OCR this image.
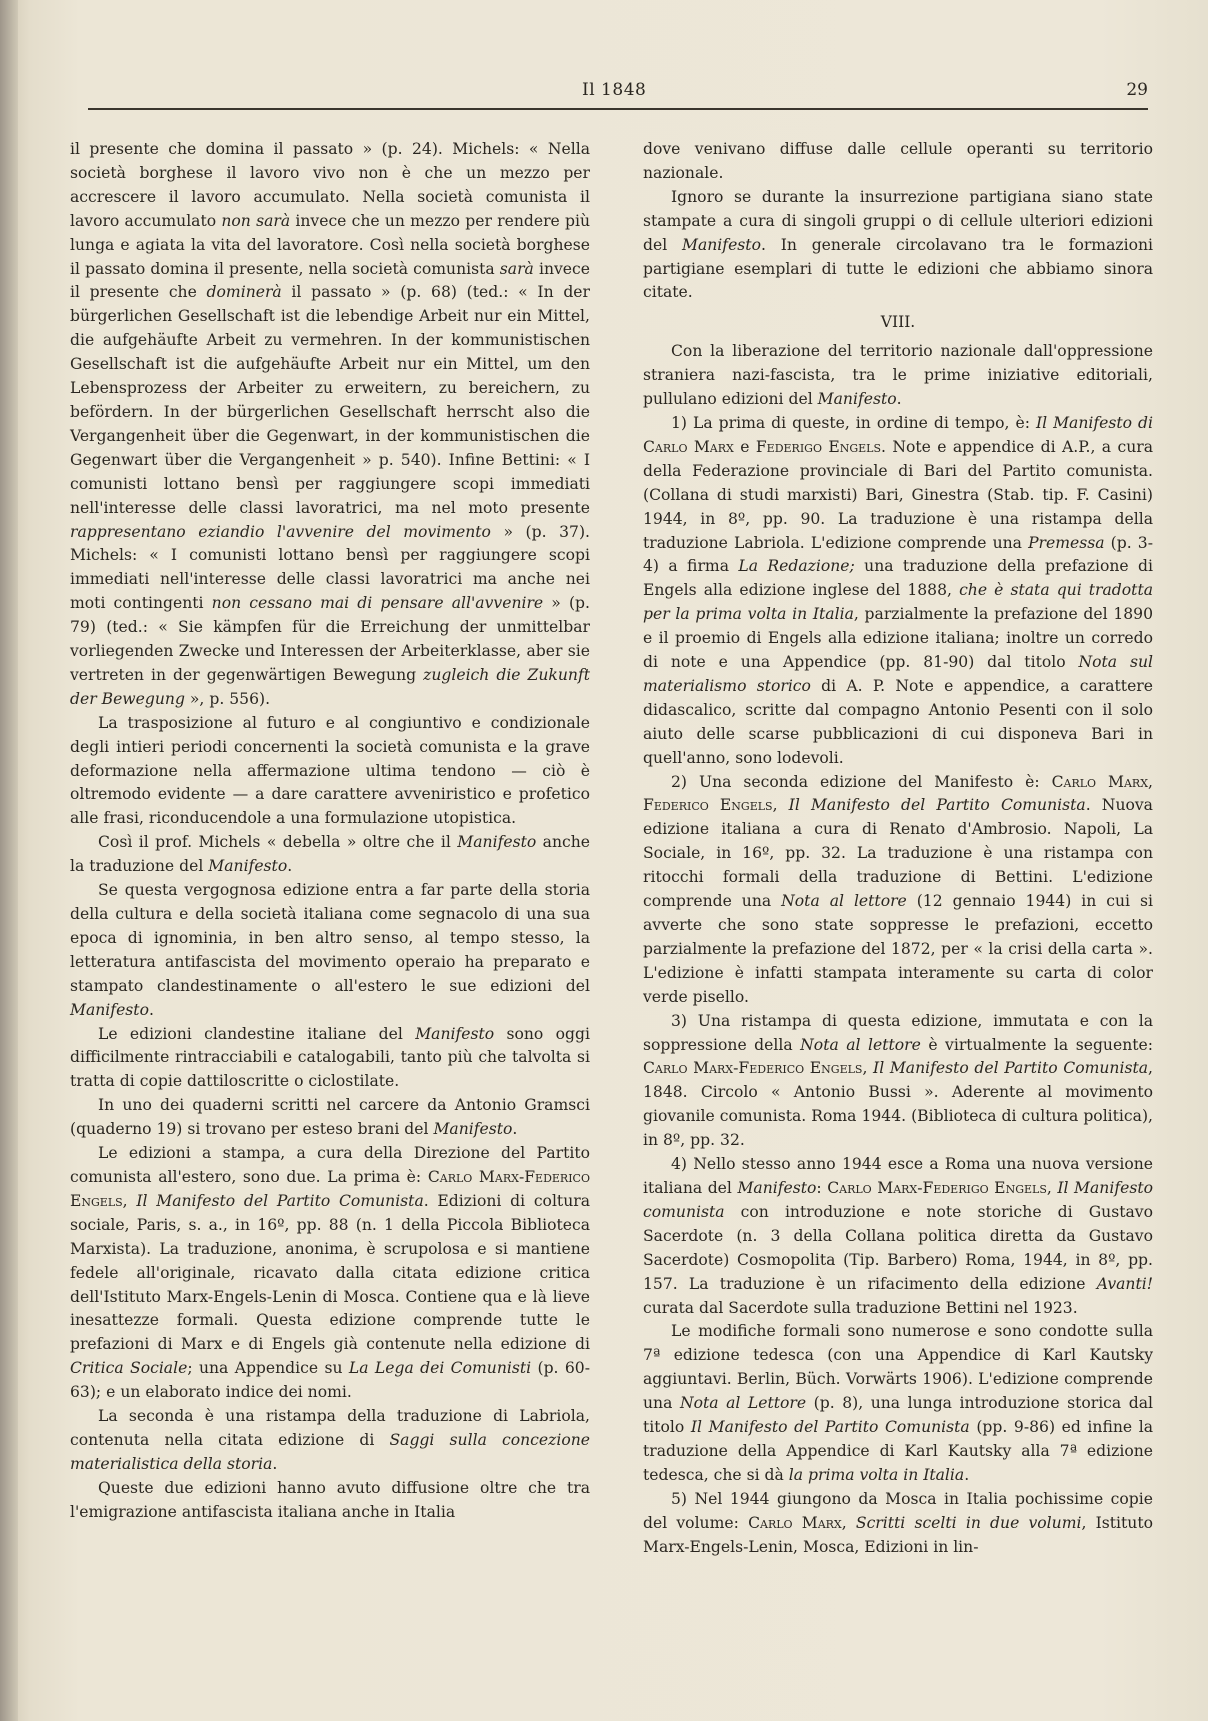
Il 1848	29

il presente che domina il passato » (p. 24). Michels: « Nella società borghese il lavoro vivo non è che un mezzo per accrescere il lavoro accumulato. Nella società comunista il lavoro accumulato non sarà invece che un mezzo per rendere più lunga e agiata la vita del lavoratore. Così nella società borghese il passato domina il presente, nella società comunista sarà invece il presente che dominerà il passato » (p. 68) (ted.: « In der bürgerlichen Gesellschaft ist die lebendige Arbeit nur ein Mittel, die aufgehäufte Arbeit zu vermehren. In der kommunistischen Gesellschaft ist die aufgehäufte Arbeit nur ein Mittel, um den Lebensprozess der Arbeiter zu erweitern, zu bereichern, zu befördern. In der bürgerlichen Gesellschaft herrscht also die Vergangenheit über die Gegenwart, in der kommunistischen die Gegenwart über die Vergangenheit » p. 540). Infine Bettini: « I comunisti lottano bensì per raggiungere scopi immediati nell'interesse delle classi lavoratrici, ma nel moto presente rappresentano eziandio l'avvenire del movimento » (p. 37). Michels: « I comunisti lottano bensì per raggiungere scopi immediati nell'interesse delle classi lavoratrici ma anche nei moti contingenti non cessano mai di pensare all'avvenire » (p. 79) (ted.: « Sie kämpfen für die Erreichung der unmittelbar vorliegenden Zwecke und Interessen der Arbeiterklasse, aber sie vertreten in der gegenwärtigen Bewegung zugleich die Zukunft der Bewegung », p. 556).

La trasposizione al futuro e al congiuntivo e condizionale degli intieri periodi concernenti la società comunista e la grave deformazione nella affermazione ultima tendono — ciò è oltremodo evidente — a dare carattere avveniristico e profetico alle frasi, riconducendole a una formulazione utopistica.

Così il prof. Michels « debella » oltre che il Manifesto anche la traduzione del Manifesto.

Se questa vergognosa edizione entra a far parte della storia della cultura e della società italiana come segnacolo di una sua epoca di ignominia, in ben altro senso, al tempo stesso, la letteratura antifascista del movimento operaio ha preparato e stampato clandestinamente o all'estero le sue edizioni del Manifesto.

Le edizioni clandestine italiane del Manifesto sono oggi difficilmente rintracciabili e catalogabili, tanto più che talvolta si tratta di copie dattiloscritte o ciclostilate.

In uno dei quaderni scritti nel carcere da Antonio Gramsci (quaderno 19) si trovano per esteso brani del Manifesto.

Le edizioni a stampa, a cura della Direzione del Partito comunista all'estero, sono due. La prima è: Carlo Marx-Federico Engels, Il Manifesto del Partito Comunista. Edizioni di coltura sociale, Paris, s. a., in 16º, pp. 88 (n. 1 della Piccola Biblioteca Marxista). La traduzione, anonima, è scrupolosa e si mantiene fedele all'originale, ricavato dalla citata edizione critica dell'Istituto Marx-Engels-Lenin di Mosca. Contiene qua e là lieve inesattezze formali. Questa edizione comprende tutte le prefazioni di Marx e di Engels già contenute nella edizione di Critica Sociale; una Appendice su La Lega dei Comunisti (p. 60-63); e un elaborato indice dei nomi.

La seconda è una ristampa della traduzione di Labriola, contenuta nella citata edizione di Saggi sulla concezione materialistica della storia.

Queste due edizioni hanno avuto diffusione oltre che tra l'emigrazione antifascista italiana anche in Italia

dove venivano diffuse dalle cellule operanti su territorio nazionale.

Ignoro se durante la insurrezione partigiana siano state stampate a cura di singoli gruppi o di cellule ulteriori edizioni del Manifesto. In generale circolavano tra le formazioni partigiane esemplari di tutte le edizioni che abbiamo sinora citate.

VIII.

Con la liberazione del territorio nazionale dall'oppressione straniera nazi-fascista, tra le prime iniziative editoriali, pullulano edizioni del Manifesto.

1) La prima di queste, in ordine di tempo, è: Il Manifesto di Carlo Marx e Federigo Engels. Note e appendice di A.P., a cura della Federazione provinciale di Bari del Partito comunista. (Collana di studi marxisti) Bari, Ginestra (Stab. tip. F. Casini) 1944, in 8º, pp. 90. La traduzione è una ristampa della traduzione Labriola. L'edizione comprende una Premessa (p. 3-4) a firma La Redazione; una traduzione della prefazione di Engels alla edizione inglese del 1888, che è stata qui tradotta per la prima volta in Italia, parzialmente la prefazione del 1890 e il proemio di Engels alla edizione italiana; inoltre un corredo di note e una Appendice (pp. 81-90) dal titolo Nota sul materialismo storico di A. P. Note e appendice, a carattere didascalico, scritte dal compagno Antonio Pesenti con il solo aiuto delle scarse pubblicazioni di cui disponeva Bari in quell'anno, sono lodevoli.

2) Una seconda edizione del Manifesto è: Carlo Marx, Federico Engels, Il Manifesto del Partito Comunista. Nuova edizione italiana a cura di Renato d'Ambrosio. Napoli, La Sociale, in 16º, pp. 32. La traduzione è una ristampa con ritocchi formali della traduzione di Bettini. L'edizione comprende una Nota al lettore (12 gennaio 1944) in cui si avverte che sono state soppresse le prefazioni, eccetto parzialmente la prefazione del 1872, per « la crisi della carta ». L'edizione è infatti stampata interamente su carta di color verde pisello.

3) Una ristampa di questa edizione, immutata e con la soppressione della Nota al lettore è virtualmente la seguente: Carlo Marx-Federico Engels, Il Manifesto del Partito Comunista, 1848. Circolo « Antonio Bussi ». Aderente al movimento giovanile comunista. Roma 1944. (Biblioteca di cultura politica), in 8º, pp. 32.

4) Nello stesso anno 1944 esce a Roma una nuova versione italiana del Manifesto: Carlo Marx-Federigo Engels, Il Manifesto comunista con introduzione e note storiche di Gustavo Sacerdote (n. 3 della Collana politica diretta da Gustavo Sacerdote) Cosmopolita (Tip. Barbero) Roma, 1944, in 8º, pp. 157. La traduzione è un rifacimento della edizione Avanti! curata dal Sacerdote sulla traduzione Bettini nel 1923.

Le modifiche formali sono numerose e sono condotte sulla 7ª edizione tedesca (con una Appendice di Karl Kautsky aggiuntavi. Berlin, Büch. Vorwärts 1906). L'edizione comprende una Nota al Lettore (p. 8), una lunga introduzione storica dal titolo Il Manifesto del Partito Comunista (pp. 9-86) ed infine la traduzione della Appendice di Karl Kautsky alla 7ª edizione tedesca, che si dà la prima volta in Italia.

5) Nel 1944 giungono da Mosca in Italia pochissime copie del volume: Carlo Marx, Scritti scelti in due volumi, Istituto Marx-Engels-Lenin, Mosca, Edizioni in lin-
